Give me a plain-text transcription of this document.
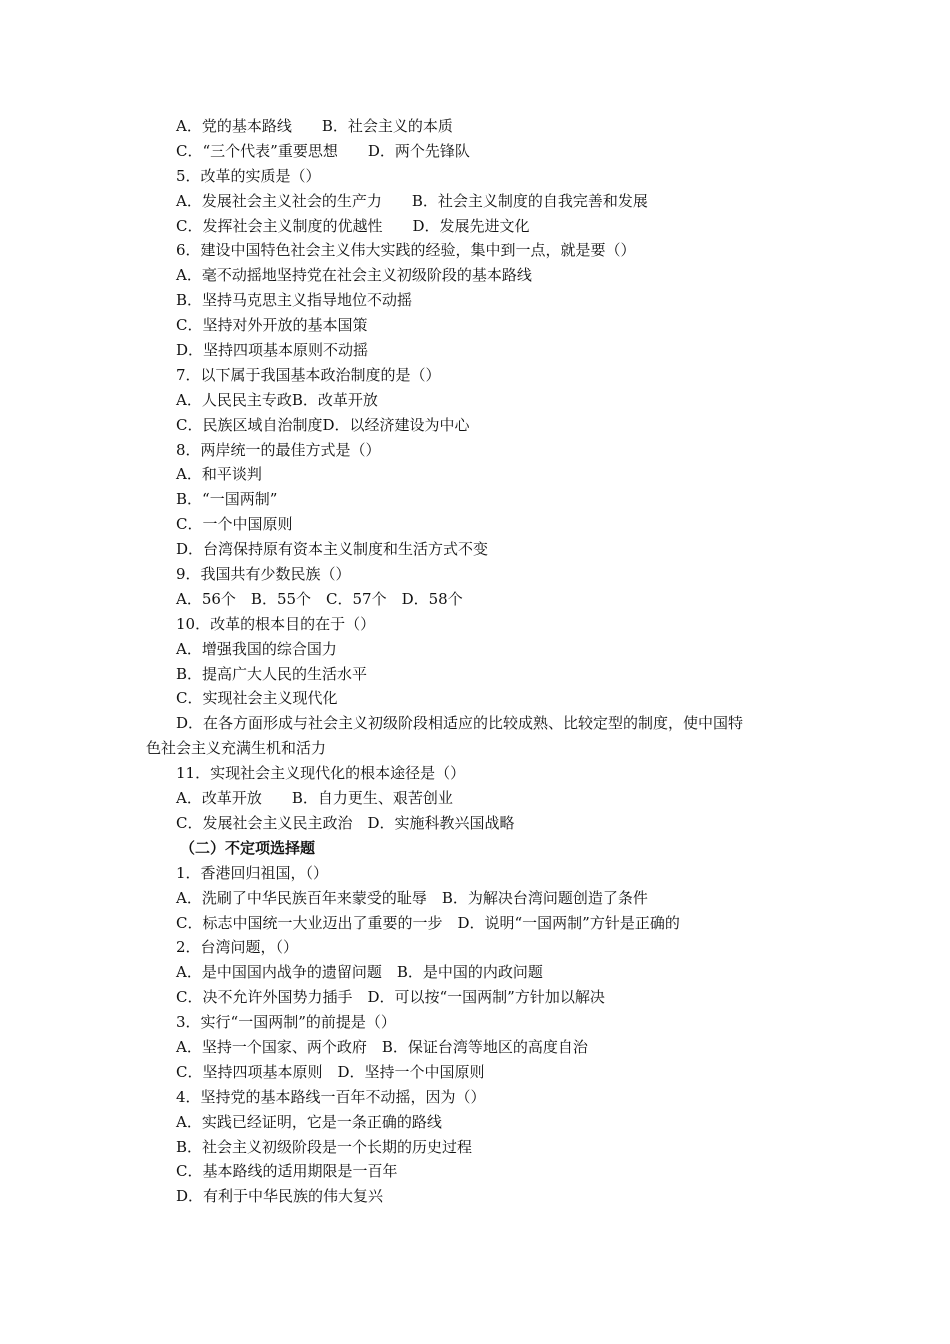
A．党的基本路线　　B．社会主义的本质
C．“三个代表”重要思想　　D．两个先锋队
5．改革的实质是（）
A．发展社会主义社会的生产力　　B．社会主义制度的自我完善和发展
C．发挥社会主义制度的优越性　　D．发展先进文化
6．建设中国特色社会主义伟大实践的经验，集中到一点，就是要（）
A．毫不动摇地坚持党在社会主义初级阶段的基本路线
B．坚持马克思主义指导地位不动摇
C．坚持对外开放的基本国策
D．坚持四项基本原则不动摇
7．以下属于我国基本政治制度的是（）
A．人民民主专政B．改革开放
C．民族区域自治制度D．以经济建设为中心
8．两岸统一的最佳方式是（）
A．和平谈判
B．“一国两制”
C．一个中国原则
D．台湾保持原有资本主义制度和生活方式不变
9．我国共有少数民族（）
A．56个　B．55个　C．57个　D．58个
10．改革的根本目的在于（）
A．增强我国的综合国力
B．提高广大人民的生活水平
C．实现社会主义现代化
D．在各方面形成与社会主义初级阶段相适应的比较成熟、比较定型的制度，使中国特
色社会主义充满生机和活力
11．实现社会主义现代化的根本途径是（）
A．改革开放　　B．自力更生、艰苦创业
C．发展社会主义民主政治　D．实施科教兴国战略
（二）不定项选择题
1．香港回归祖国，（）
A．洗刷了中华民族百年来蒙受的耻辱　B．为解决台湾问题创造了条件
C．标志中国统一大业迈出了重要的一步　D．说明“一国两制”方针是正确的
2．台湾问题，（）
A．是中国国内战争的遗留问题　B．是中国的内政问题
C．决不允许外国势力插手　D．可以按“一国两制”方针加以解决
3．实行“一国两制”的前提是（）
A．坚持一个国家、两个政府　B．保证台湾等地区的高度自治
C．坚持四项基本原则　D．坚持一个中国原则
4．坚持党的基本路线一百年不动摇，因为（）
A．实践已经证明，它是一条正确的路线
B．社会主义初级阶段是一个长期的历史过程
C．基本路线的适用期限是一百年
D．有利于中华民族的伟大复兴
